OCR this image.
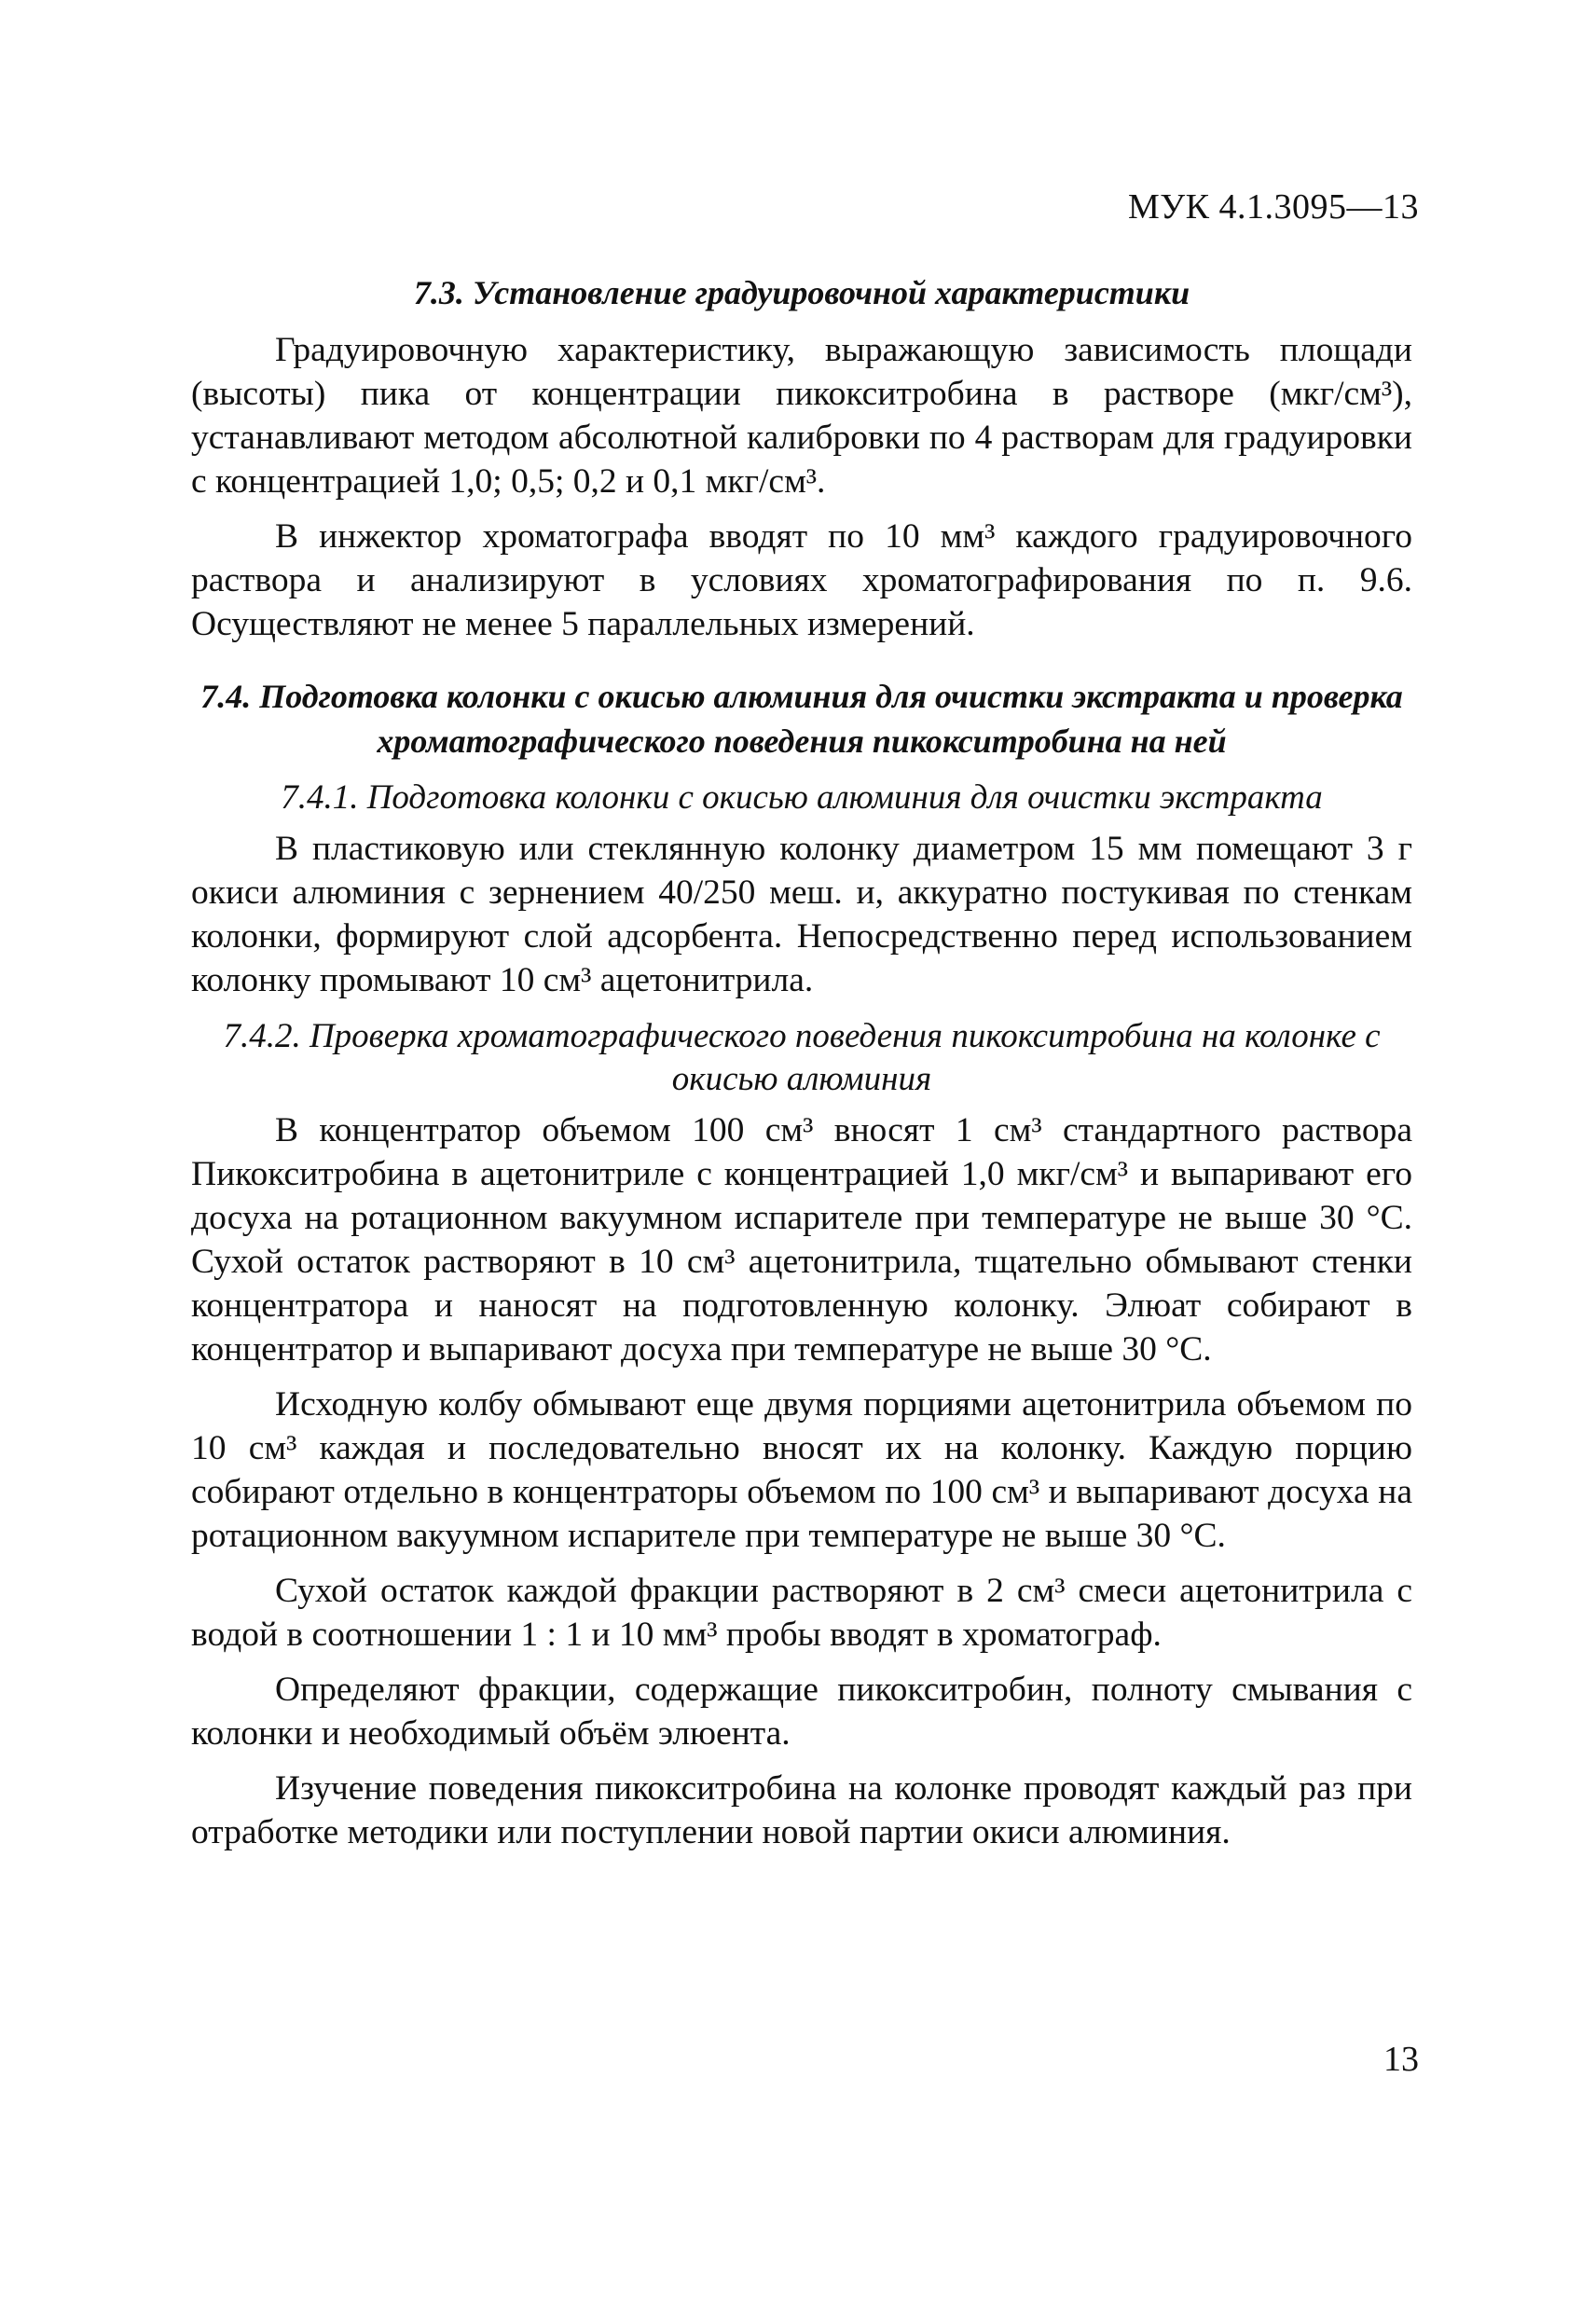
МУК 4.1.3095—13
7.3. Установление градуировочной характеристики

Градуировочную характеристику, выражающую зависимость площади (высоты) пика от концентрации пикокситробина в растворе (мкг/см³), устанавливают методом абсолютной калибровки по 4 растворам для градуировки с концентрацией 1,0; 0,5; 0,2 и 0,1 мкг/см³.

В инжектор хроматографа вводят по 10 мм³ каждого градуировочного раствора и анализируют в условиях хроматографирования по п. 9.6. Осуществляют не менее 5 параллельных измерений.

7.4. Подготовка колонки с окисью алюминия для очистки экстракта и проверка хроматографического поведения пикокситробина на ней
7.4.1. Подготовка колонки с окисью алюминия для очистки экстракта

В пластиковую или стеклянную колонку диаметром 15 мм помещают 3 г окиси алюминия с зернением 40/250 меш. и, аккуратно постукивая по стенкам колонки, формируют слой адсорбента. Непосредственно перед использованием колонку промывают 10 см³ ацетонитрила.

7.4.2. Проверка хроматографического поведения пикокситробина на колонке с окисью алюминия

В концентратор объемом 100 см³ вносят 1 см³ стандартного раствора Пикокситробина в ацетонитриле с концентрацией 1,0 мкг/см³ и выпаривают его досуха на ротационном вакуумном испарителе при температуре не выше 30 °С. Сухой остаток растворяют в 10 см³ ацетонитрила, тщательно обмывают стенки концентратора и наносят на подготовленную колонку. Элюат собирают в концентратор и выпаривают досуха при температуре не выше 30 °С.

Исходную колбу обмывают еще двумя порциями ацетонитрила объемом по 10 см³ каждая и последовательно вносят их на колонку. Каждую порцию собирают отдельно в концентраторы объемом по 100 см³ и выпаривают досуха на ротационном вакуумном испарителе при температуре не выше 30 °С.

Сухой остаток каждой фракции растворяют в 2 см³ смеси ацетонитрила с водой в соотношении 1 : 1 и 10 мм³ пробы вводят в хроматограф.

Определяют фракции, содержащие пикокситробин, полноту смывания с колонки и необходимый объём элюента.

Изучение поведения пикокситробина на колонке проводят каждый раз при отработке методики или поступлении новой партии окиси алюминия.

13
